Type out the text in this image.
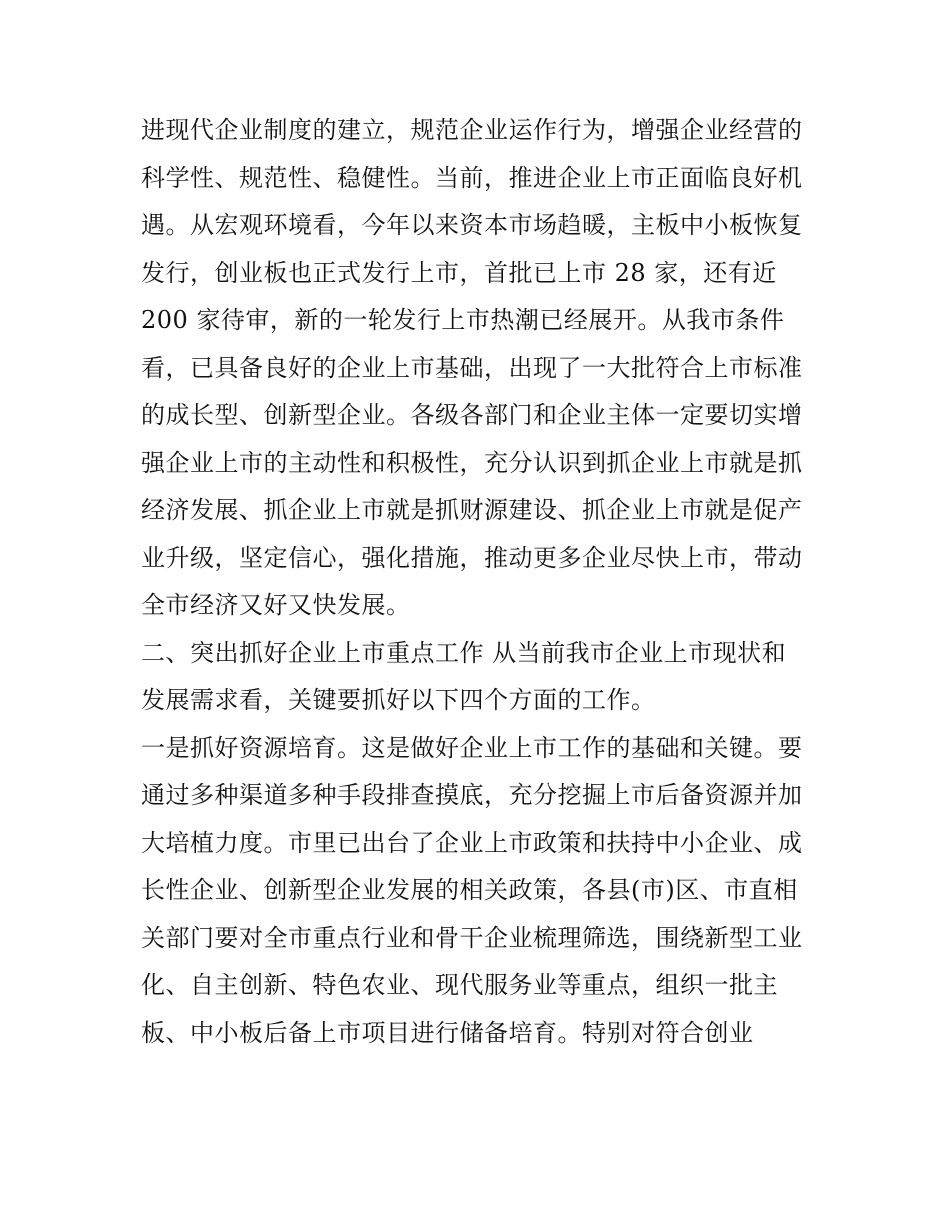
进现代企业制度的建立，规范企业运作行为，增强企业经营的
科学性、规范性、稳健性。当前，推进企业上市正面临良好机
遇。从宏观环境看，今年以来资本市场趋暖，主板中小板恢复
发行，创业板也正式发行上市，首批已上市 28 家，还有近
200 家待审，新的一轮发行上市热潮已经展开。从我市条件
看，已具备良好的企业上市基础，出现了一大批符合上市标准
的成长型、创新型企业。各级各部门和企业主体一定要切实增
强企业上市的主动性和积极性，充分认识到抓企业上市就是抓
经济发展、抓企业上市就是抓财源建设、抓企业上市就是促产
业升级，坚定信心，强化措施，推动更多企业尽快上市，带动
全市经济又好又快发展。
二、突出抓好企业上市重点工作 从当前我市企业上市现状和
发展需求看，关键要抓好以下四个方面的工作。
一是抓好资源培育。这是做好企业上市工作的基础和关键。要
通过多种渠道多种手段排查摸底，充分挖掘上市后备资源并加
大培植力度。市里已出台了企业上市政策和扶持中小企业、成
长性企业、创新型企业发展的相关政策，各县(市)区、市直相
关部门要对全市重点行业和骨干企业梳理筛选，围绕新型工业
化、自主创新、特色农业、现代服务业等重点，组织一批主
板、中小板后备上市项目进行储备培育。特别对符合创业
